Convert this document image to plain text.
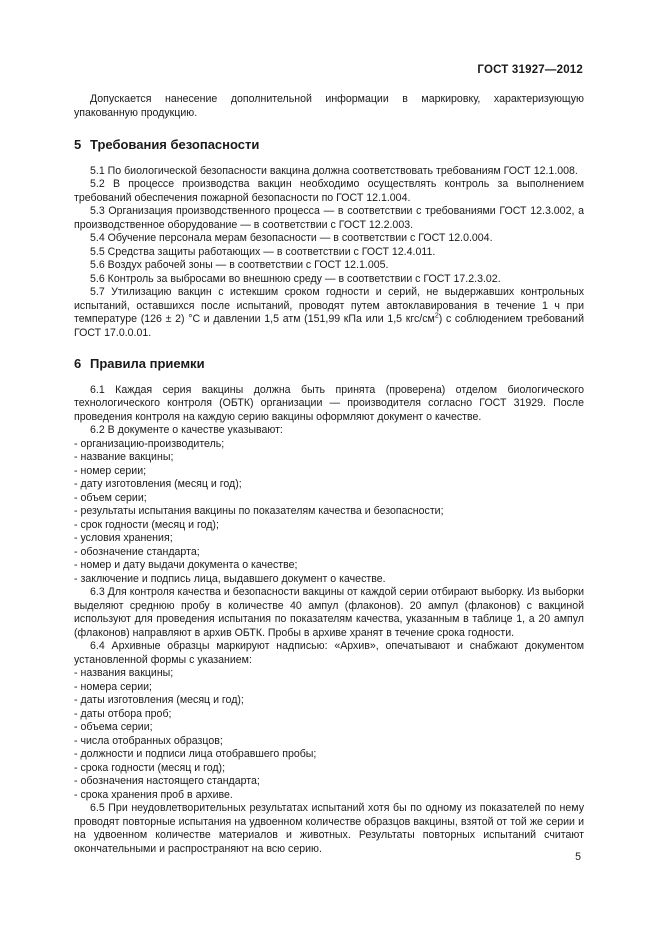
ГОСТ 31927—2012

Допускается нанесение дополнительной информации в маркировку, характеризующую упакованную продукцию.

5 Требования безопасности

5.1 По биологической безопасности вакцина должна соответствовать требованиям ГОСТ 12.1.008.

5.2 В процессе производства вакцин необходимо осуществлять контроль за выполнением требований обеспечения пожарной безопасности по ГОСТ 12.1.004.

5.3 Организация производственного процесса — в соответствии с требованиями ГОСТ 12.3.002, а производственное оборудование — в соответствии с ГОСТ 12.2.003.

5.4 Обучение персонала мерам безопасности — в соответствии с ГОСТ 12.0.004.

5.5 Средства защиты работающих — в соответствии с ГОСТ 12.4.011.

5.6 Воздух рабочей зоны — в соответствии с ГОСТ 12.1.005.

5.6 Контроль за выбросами во внешнюю среду — в соответствии с ГОСТ 17.2.3.02.

5.7 Утилизацию вакцин с истекшим сроком годности и серий, не выдержавших контрольных испытаний, оставшихся после испытаний, проводят путем автоклавирования в течение 1 ч при температуре (126 ± 2) °С и давлении 1,5 атм (151,99 кПа или 1,5 кгс/$см^2$) с соблюдением требований ГОСТ 17.0.0.01.

6 Правила приемки

6.1 Каждая серия вакцины должна быть принята (проверена) отделом биологического технологического контроля (ОБТК) организации — производителя согласно ГОСТ 31929. После проведения контроля на каждую серию вакцины оформляют документ о качестве.

6.2 В документе о качестве указывают:

- организацию-производитель;

- название вакцины;

- номер серии;

- дату изготовления (месяц и год);

- объем серии;

- результаты испытания вакцины по показателям качества и безопасности;

- срок годности (месяц и год);

- условия хранения;

- обозначение стандарта;

- номер и дату выдачи документа о качестве;

- заключение и подпись лица, выдавшего документ о качестве.

6.3 Для контроля качества и безопасности вакцины от каждой серии отбирают выборку. Из выборки выделяют среднюю пробу в количестве 40 ампул (флаконов). 20 ампул (флаконов) с вакциной используют для проведения испытания по показателям качества, указанным в таблице 1, а 20 ампул (флаконов) направляют в архив ОБТК. Пробы в архиве хранят в течение срока годности.

6.4 Архивные образцы маркируют надписью: «Архив», опечатывают и снабжают документом установленной формы с указанием:

- названия вакцины;

- номера серии;

- даты изготовления (месяц и год);

- даты отбора проб;

- объема серии;

- числа отобранных образцов;

- должности и подписи лица отобравшего пробы;

- срока годности (месяц и год);

- обозначения настоящего стандарта;

- срока хранения проб в архиве.

6.5 При неудовлетворительных результатах испытаний хотя бы по одному из показателей по нему проводят повторные испытания на удвоенном количестве образцов вакцины, взятой от той же серии и на удвоенном количестве материалов и животных. Результаты повторных испытаний считают окончательными и распространяют на всю серию.

5
